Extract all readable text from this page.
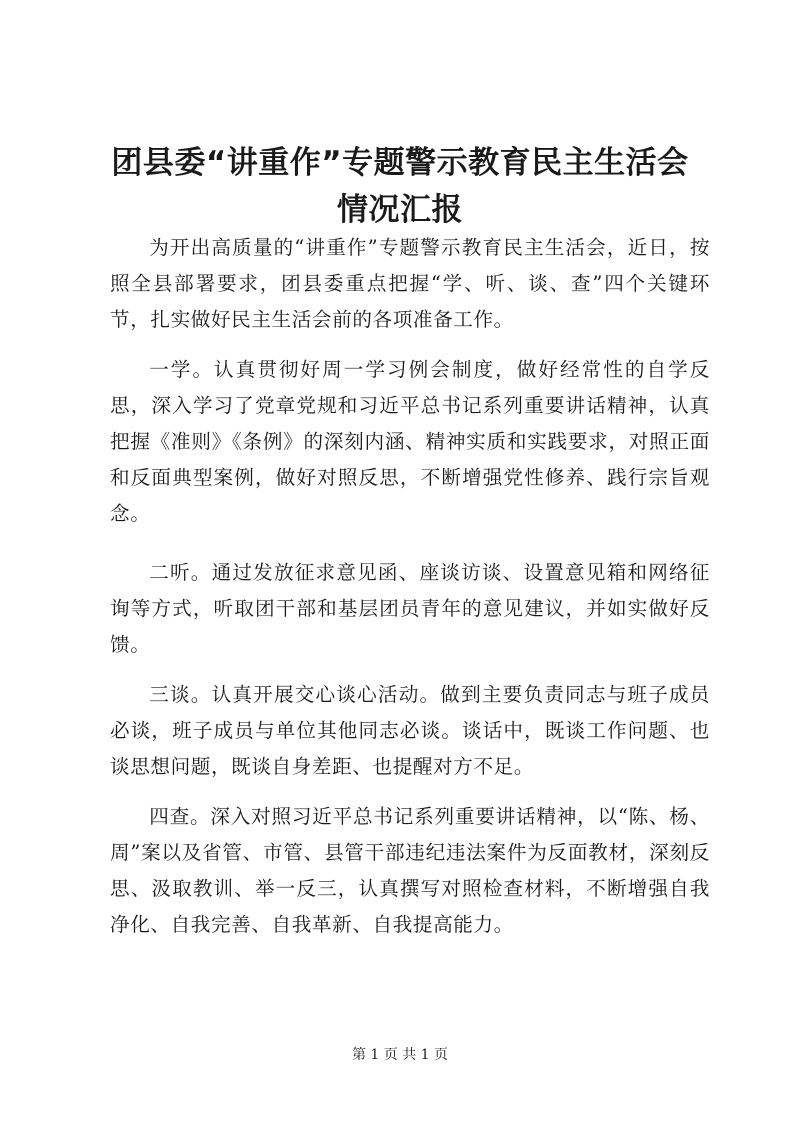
团县委“讲重作”专题警示教育民主生活会情况汇报

为开出高质量的“讲重作”专题警示教育民主生活会，近日，按照全县部署要求，团县委重点把握“学、听、谈、查”四个关键环节，扎实做好民主生活会前的各项准备工作。

一学。认真贯彻好周一学习例会制度，做好经常性的自学反思，深入学习了党章党规和习近平总书记系列重要讲话精神，认真把握《准则》《条例》的深刻内涵、精神实质和实践要求，对照正面和反面典型案例，做好对照反思，不断增强党性修养、践行宗旨观念。

二听。通过发放征求意见函、座谈访谈、设置意见箱和网络征询等方式，听取团干部和基层团员青年的意见建议，并如实做好反馈。

三谈。认真开展交心谈心活动。做到主要负责同志与班子成员必谈，班子成员与单位其他同志必谈。谈话中，既谈工作问题、也谈思想问题，既谈自身差距、也提醒对方不足。

四查。深入对照习近平总书记系列重要讲话精神，以“陈、杨、周”案以及省管、市管、县管干部违纪违法案件为反面教材，深刻反思、汲取教训、举一反三，认真撰写对照检查材料，不断增强自我净化、自我完善、自我革新、自我提高能力。

第 1 页 共 1 页
